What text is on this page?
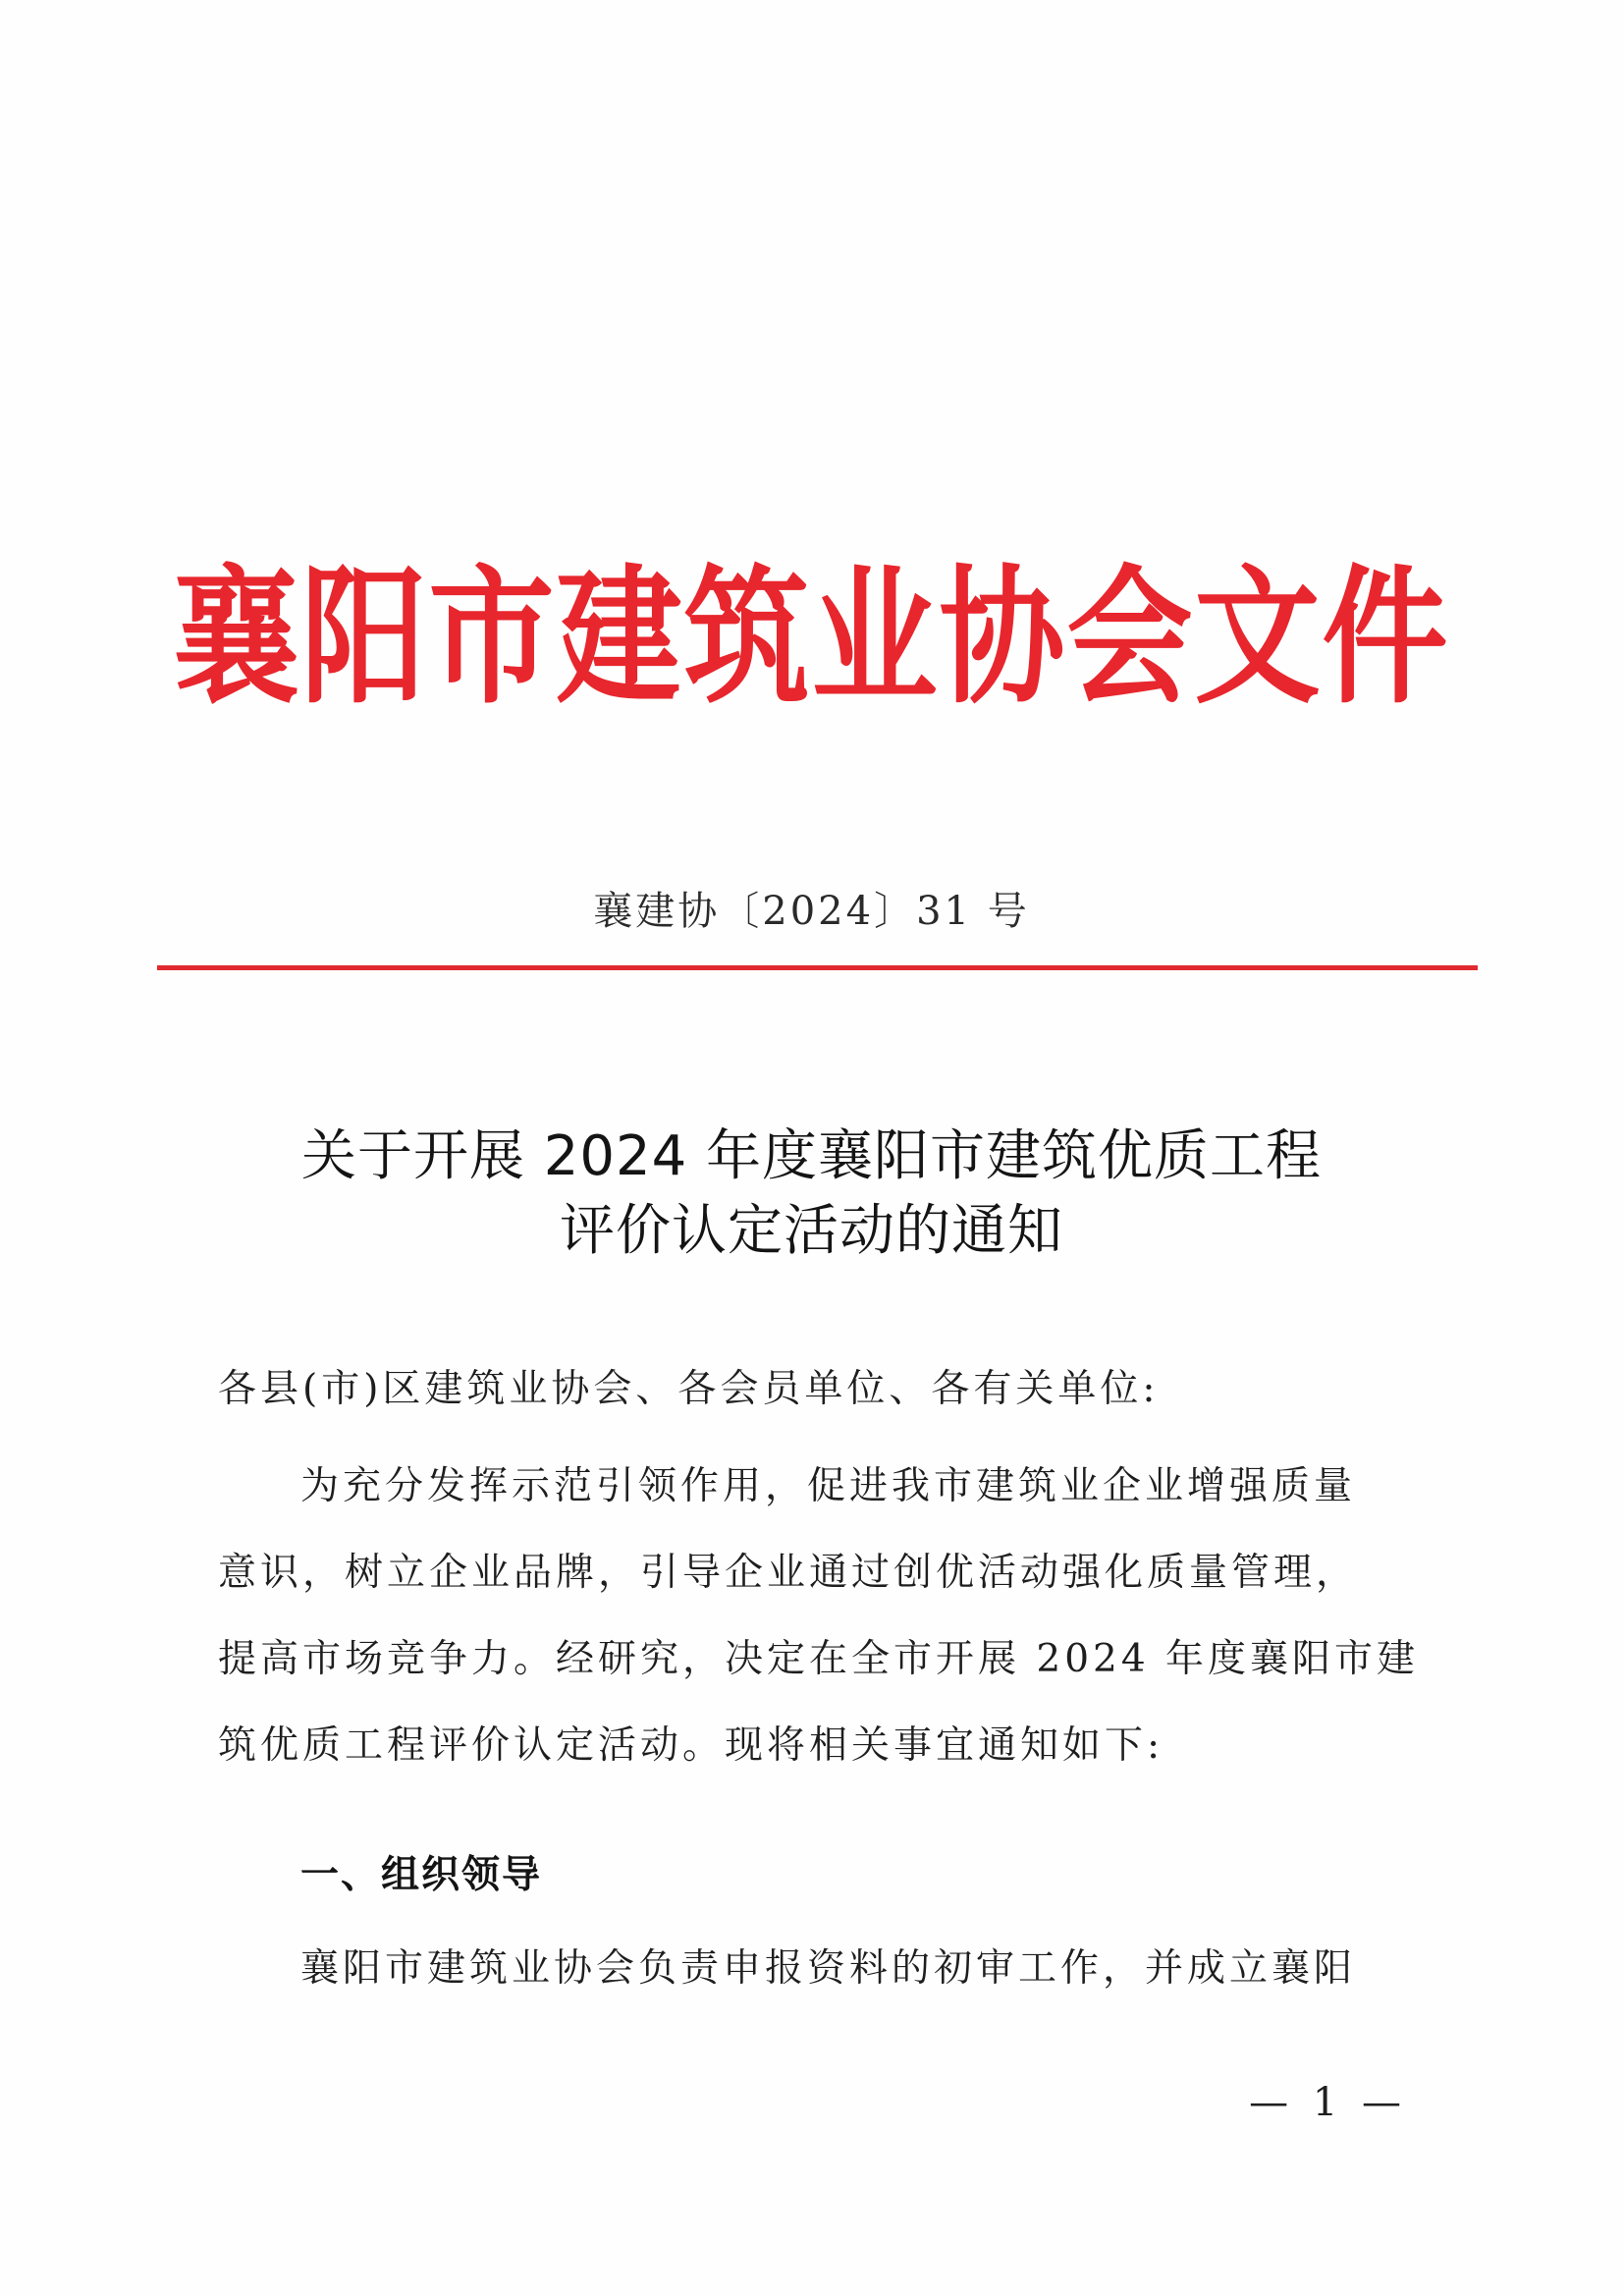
襄阳市建筑业协会文件
襄建协〔2024〕31 号
关于开展 2024 年度襄阳市建筑优质工程
评价认定活动的通知
各县(市)区建筑业协会、各会员单位、各有关单位:
为充分发挥示范引领作用，促进我市建筑业企业增强质量
意识，树立企业品牌，引导企业通过创优活动强化质量管理，
提高市场竞争力。经研究，决定在全市开展 2024 年度襄阳市建
筑优质工程评价认定活动。现将相关事宜通知如下:
一、组织领导
襄阳市建筑业协会负责申报资料的初审工作，并成立襄阳
— 1 —
